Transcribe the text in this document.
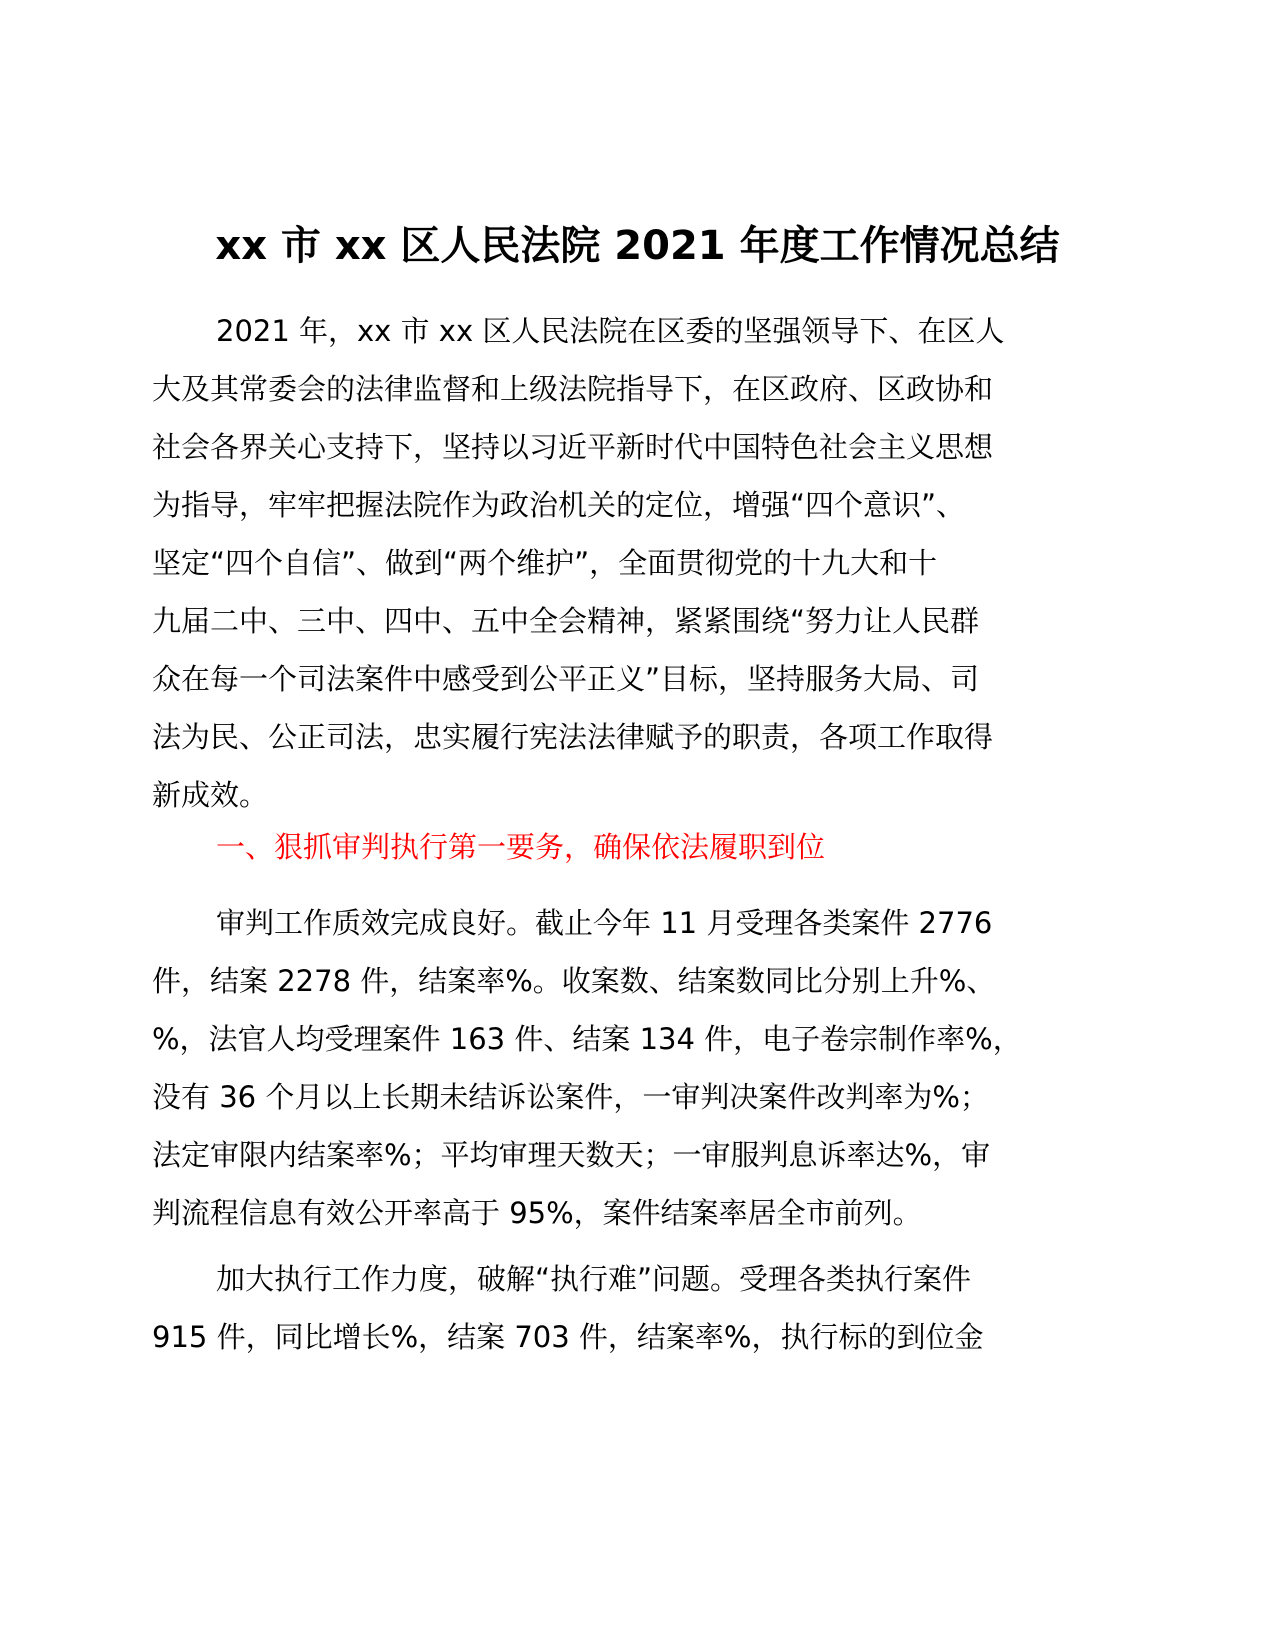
xx 市 xx 区人民法院 2021 年度工作情况总结
2021 年，xx 市 xx 区人民法院在区委的坚强领导下、在区人
大及其常委会的法律监督和上级法院指导下，在区政府、区政协和
社会各界关心支持下，坚持以习近平新时代中国特色社会主义思想
为指导，牢牢把握法院作为政治机关的定位，增强“四个意识”、
坚定“四个自信”、做到“两个维护”，全面贯彻党的十九大和十
九届二中、三中、四中、五中全会精神，紧紧围绕“努力让人民群
众在每一个司法案件中感受到公平正义”目标，坚持服务大局、司
法为民、公正司法，忠实履行宪法法律赋予的职责，各项工作取得
新成效。
一、狠抓审判执行第一要务，确保依法履职到位
审判工作质效完成良好。截止今年 11 月受理各类案件 2776
件，结案 2278 件，结案率%。收案数、结案数同比分别上升%、
%，法官人均受理案件 163 件、结案 134 件，电子卷宗制作率%，
没有 36 个月以上长期未结诉讼案件，一审判决案件改判率为%；
法定审限内结案率%；平均审理天数天；一审服判息诉率达%，审
判流程信息有效公开率高于 95%，案件结案率居全市前列。
加大执行工作力度，破解“执行难”问题。受理各类执行案件
915 件，同比增长%，结案 703 件，结案率%，执行标的到位金
